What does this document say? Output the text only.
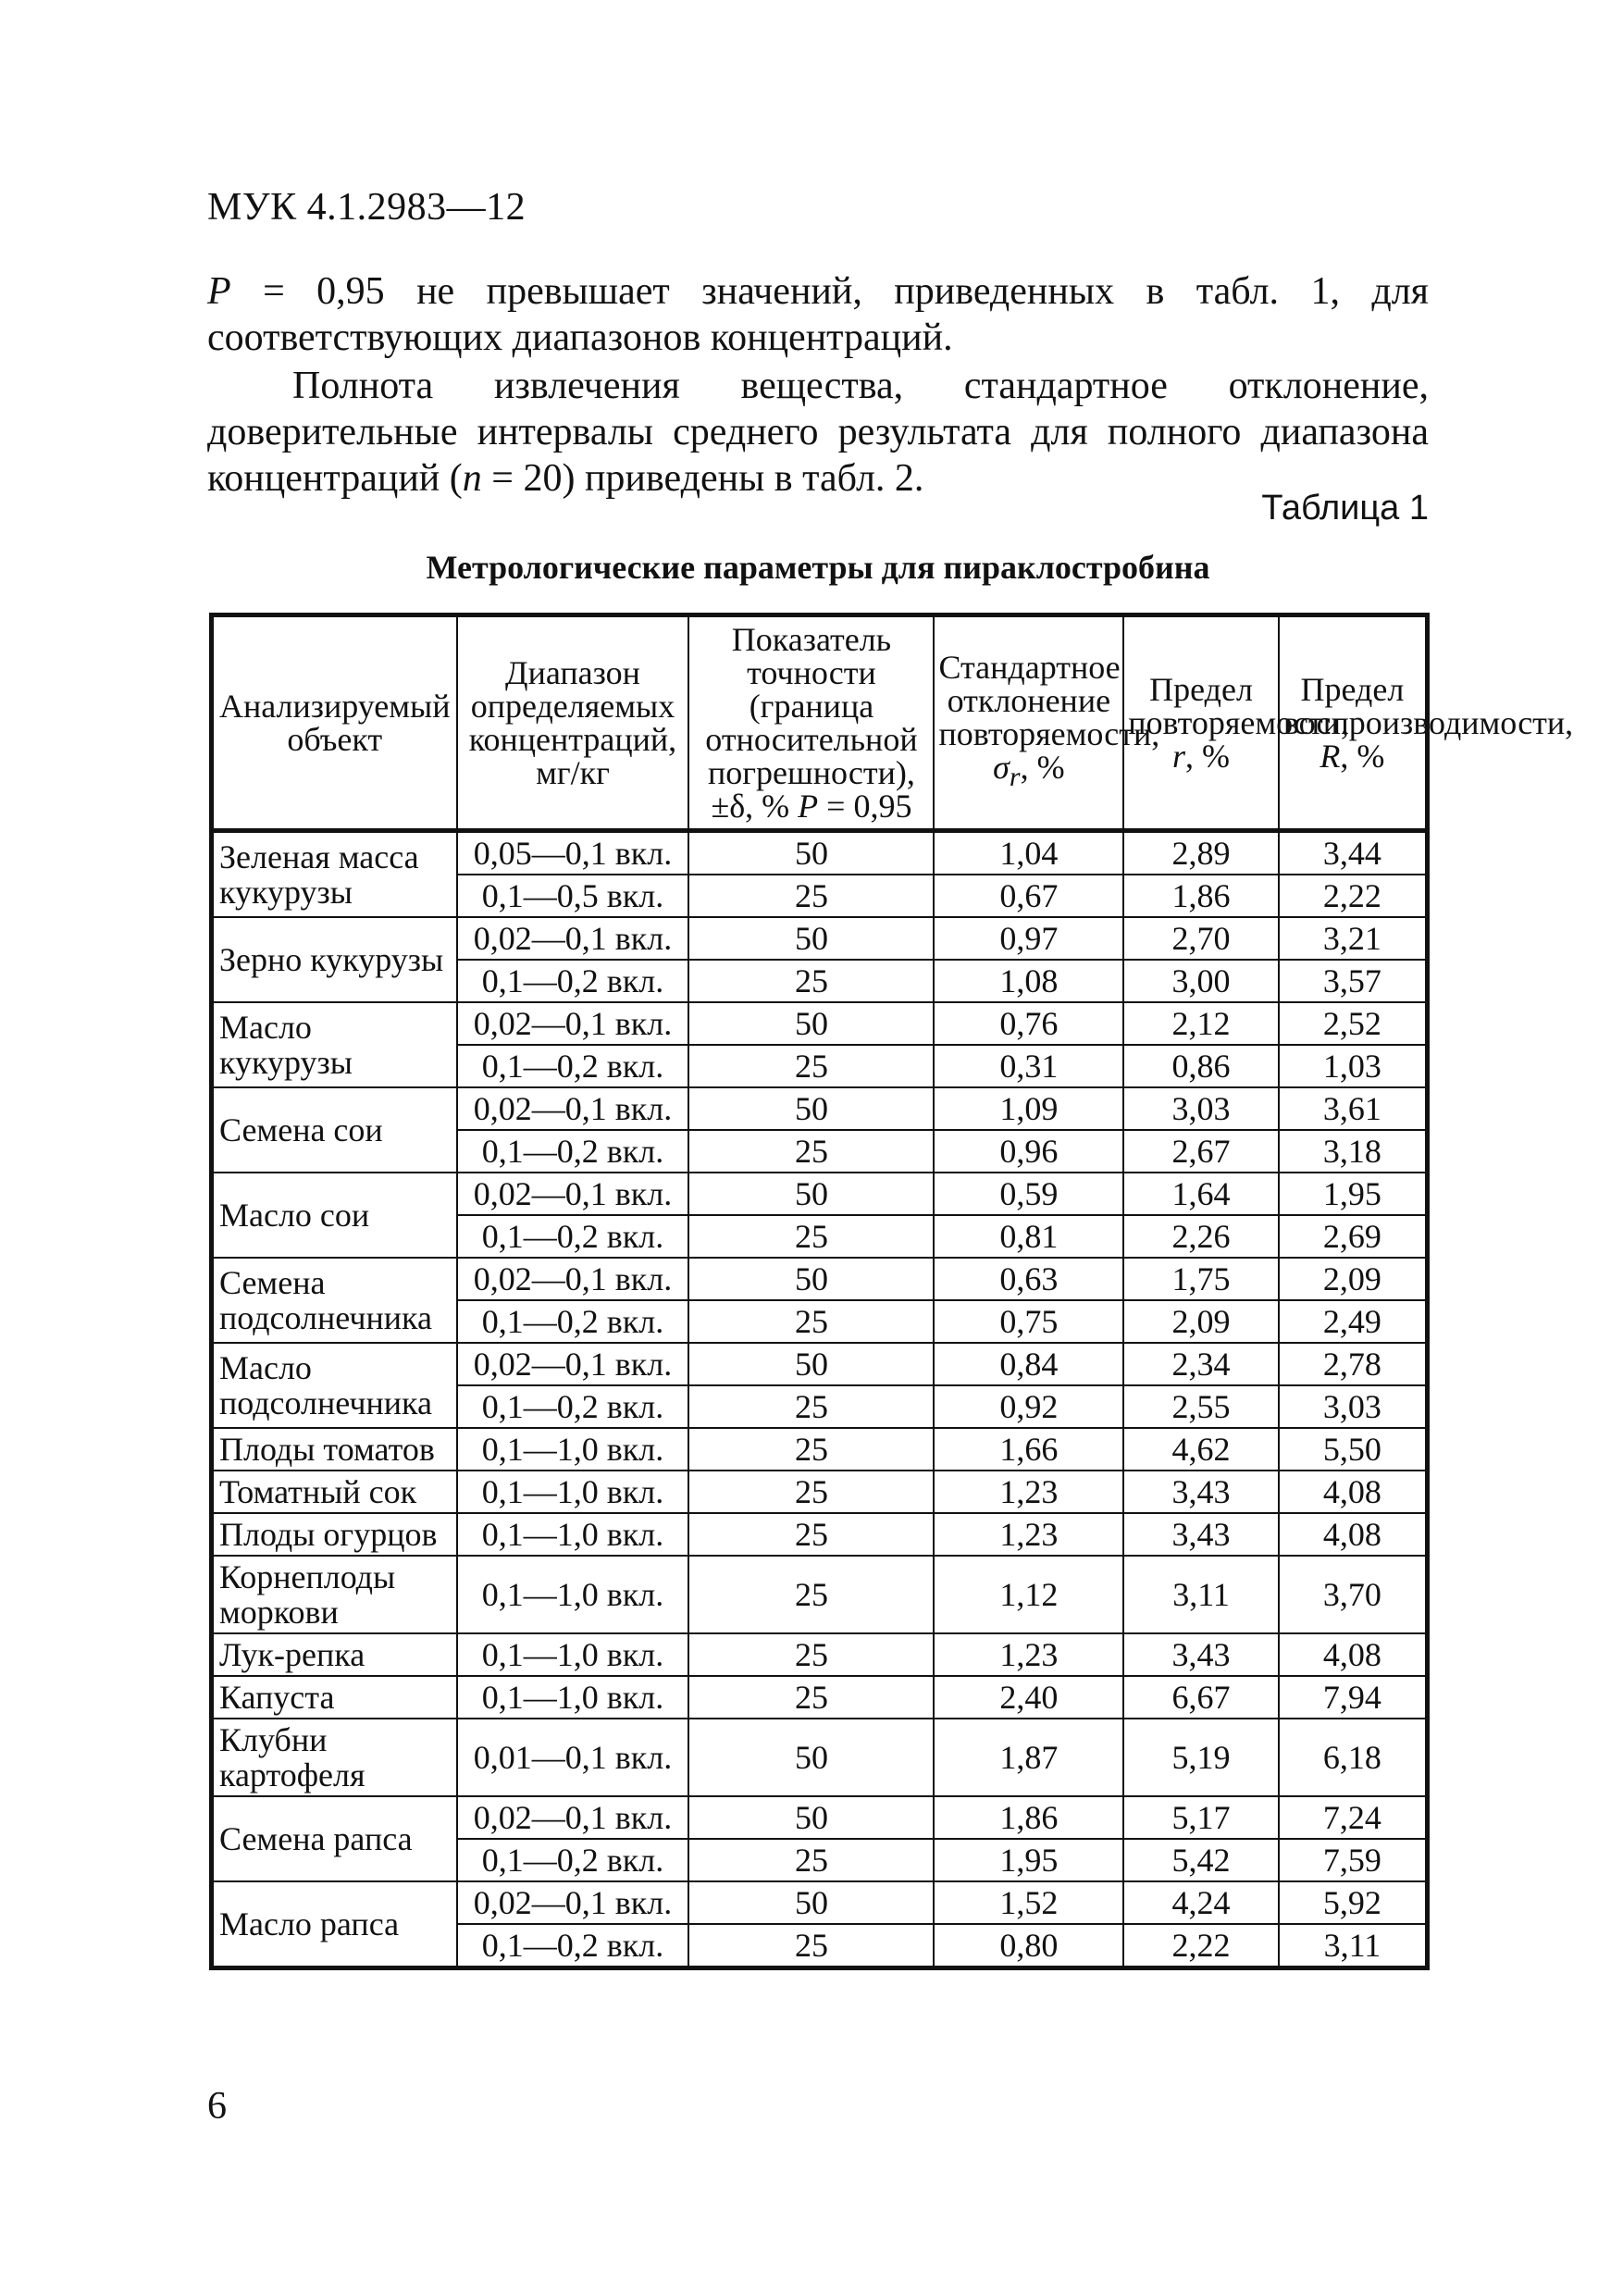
МУК 4.1.2983—12
P = 0,95 не превышает значений, приведенных в табл. 1, для соответствующих диапазонов концентраций.
Полнота извлечения вещества, стандартное отклонение, доверительные интервалы среднего результата для полного диапазона концентраций (n = 20) приведены в табл. 2.
Таблица 1
Метрологические параметры для пираклостробина
Анализируемый объект	Диапазон определяемых концентраций, мг/кг	Показатель точности (граница относительной погрешности), ±δ, % P = 0,95	Стандартное отклонение повторяемости, $\sigma_r$, %	Предел повторяемости, r, %	Предел воспроизводимости, R, %
Зеленая масса кукурузы	0,05—0,1 вкл.	50	1,04	2,89	3,44
	0,1—0,5 вкл.	25	0,67	1,86	2,22
Зерно кукурузы	0,02—0,1 вкл.	50	0,97	2,70	3,21
	0,1—0,2 вкл.	25	1,08	3,00	3,57
Масло кукурузы	0,02—0,1 вкл.	50	0,76	2,12	2,52
	0,1—0,2 вкл.	25	0,31	0,86	1,03
Семена сои	0,02—0,1 вкл.	50	1,09	3,03	3,61
	0,1—0,2 вкл.	25	0,96	2,67	3,18
Масло сои	0,02—0,1 вкл.	50	0,59	1,64	1,95
	0,1—0,2 вкл.	25	0,81	2,26	2,69
Семена подсолнечника	0,02—0,1 вкл.	50	0,63	1,75	2,09
	0,1—0,2 вкл.	25	0,75	2,09	2,49
Масло подсолнечника	0,02—0,1 вкл.	50	0,84	2,34	2,78
	0,1—0,2 вкл.	25	0,92	2,55	3,03
Плоды томатов	0,1—1,0 вкл.	25	1,66	4,62	5,50
Томатный сок	0,1—1,0 вкл.	25	1,23	3,43	4,08
Плоды огурцов	0,1—1,0 вкл.	25	1,23	3,43	4,08
Корнеплоды моркови	0,1—1,0 вкл.	25	1,12	3,11	3,70
Лук-репка	0,1—1,0 вкл.	25	1,23	3,43	4,08
Капуста	0,1—1,0 вкл.	25	2,40	6,67	7,94
Клубни картофеля	0,01—0,1 вкл.	50	1,87	5,19	6,18
Семена рапса	0,02—0,1 вкл.	50	1,86	5,17	7,24
	0,1—0,2 вкл.	25	1,95	5,42	7,59
Масло рапса	0,02—0,1 вкл.	50	1,52	4,24	5,92
	0,1—0,2 вкл.	25	0,80	2,22	3,11
6
